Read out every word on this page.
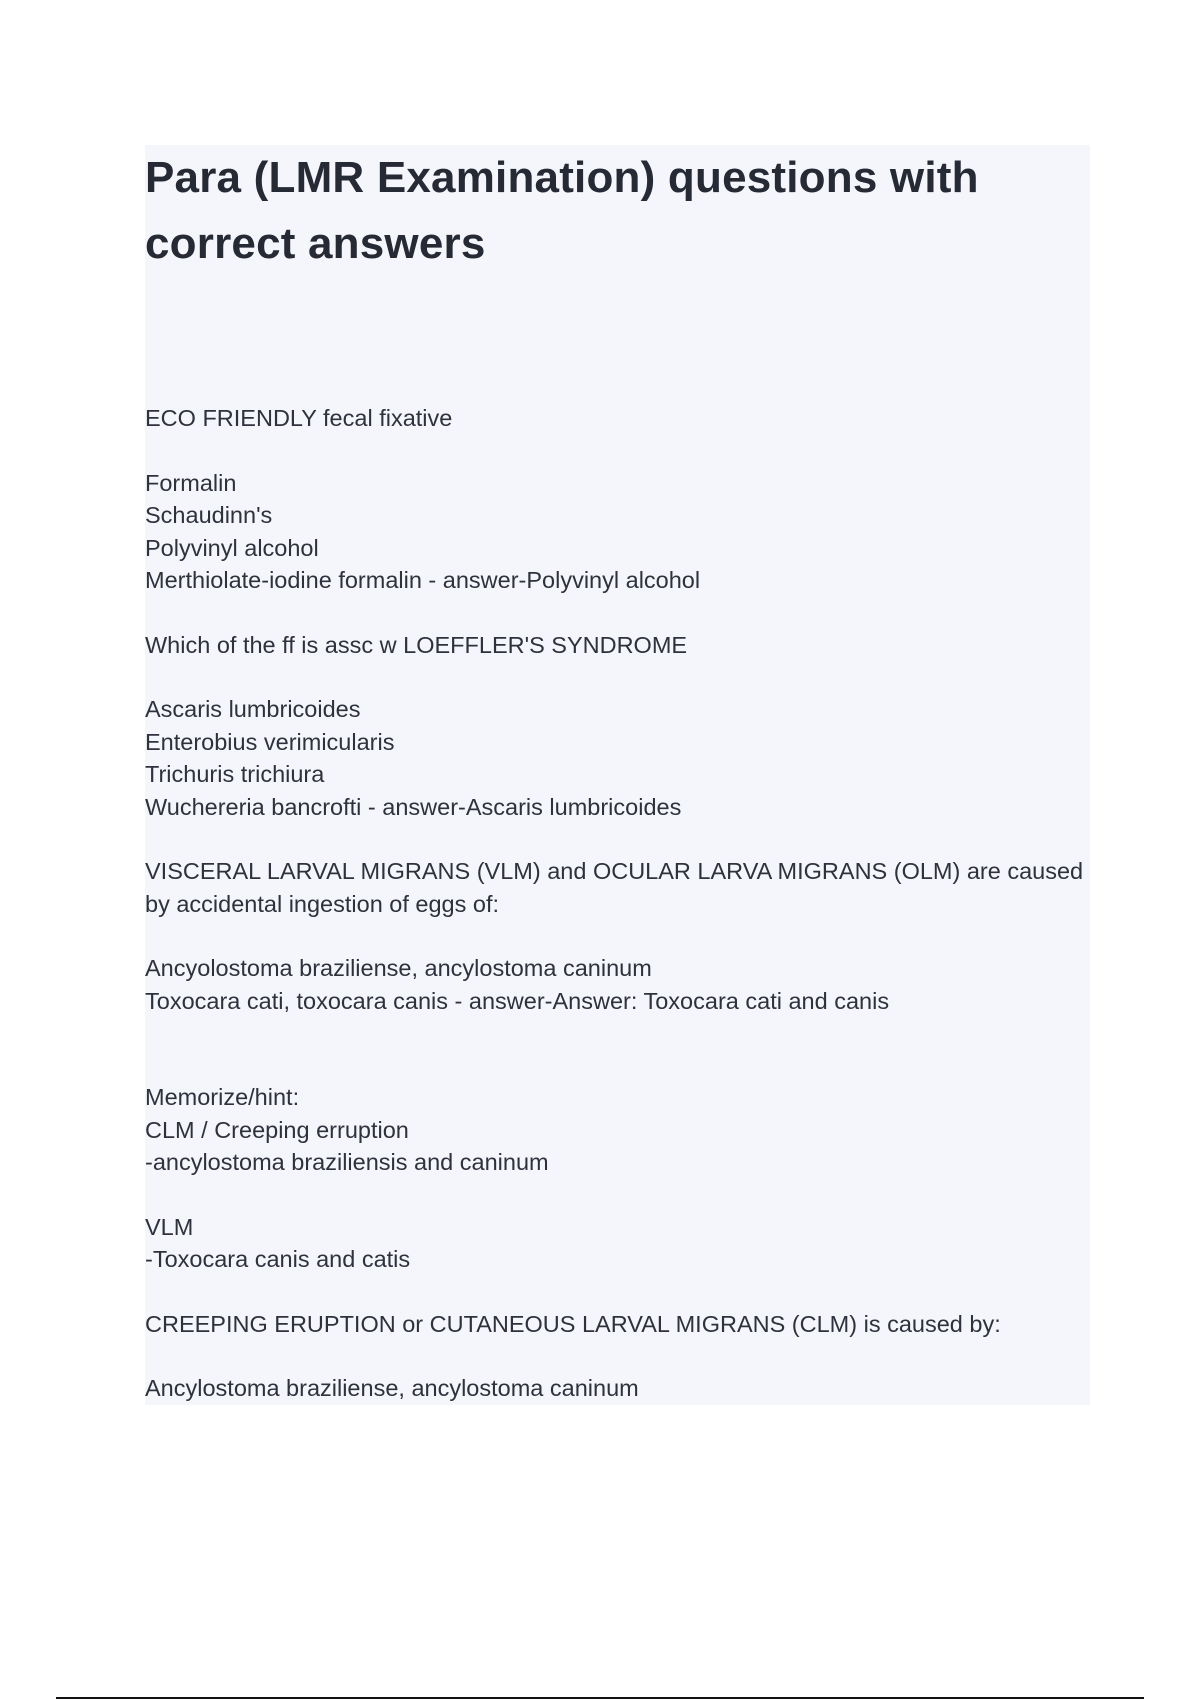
Para (LMR Examination) questions with correct answers
ECO FRIENDLY fecal fixative
Formalin
Schaudinn's
Polyvinyl alcohol
Merthiolate-iodine formalin - answer-Polyvinyl alcohol
Which of the ff is assc w LOEFFLER'S SYNDROME
Ascaris lumbricoides
Enterobius verimicularis
Trichuris trichiura
Wuchereria bancrofti - answer-Ascaris lumbricoides
VISCERAL LARVAL MIGRANS (VLM) and OCULAR LARVA MIGRANS (OLM) are caused by accidental ingestion of eggs of:
Ancyolostoma braziliense, ancylostoma caninum
Toxocara cati, toxocara canis - answer-Answer: Toxocara cati and canis
Memorize/hint:
CLM / Creeping erruption
-ancylostoma braziliensis and caninum
VLM
-Toxocara canis and catis
CREEPING ERUPTION or CUTANEOUS LARVAL MIGRANS (CLM) is caused by:
Ancylostoma braziliense, ancylostoma caninum
